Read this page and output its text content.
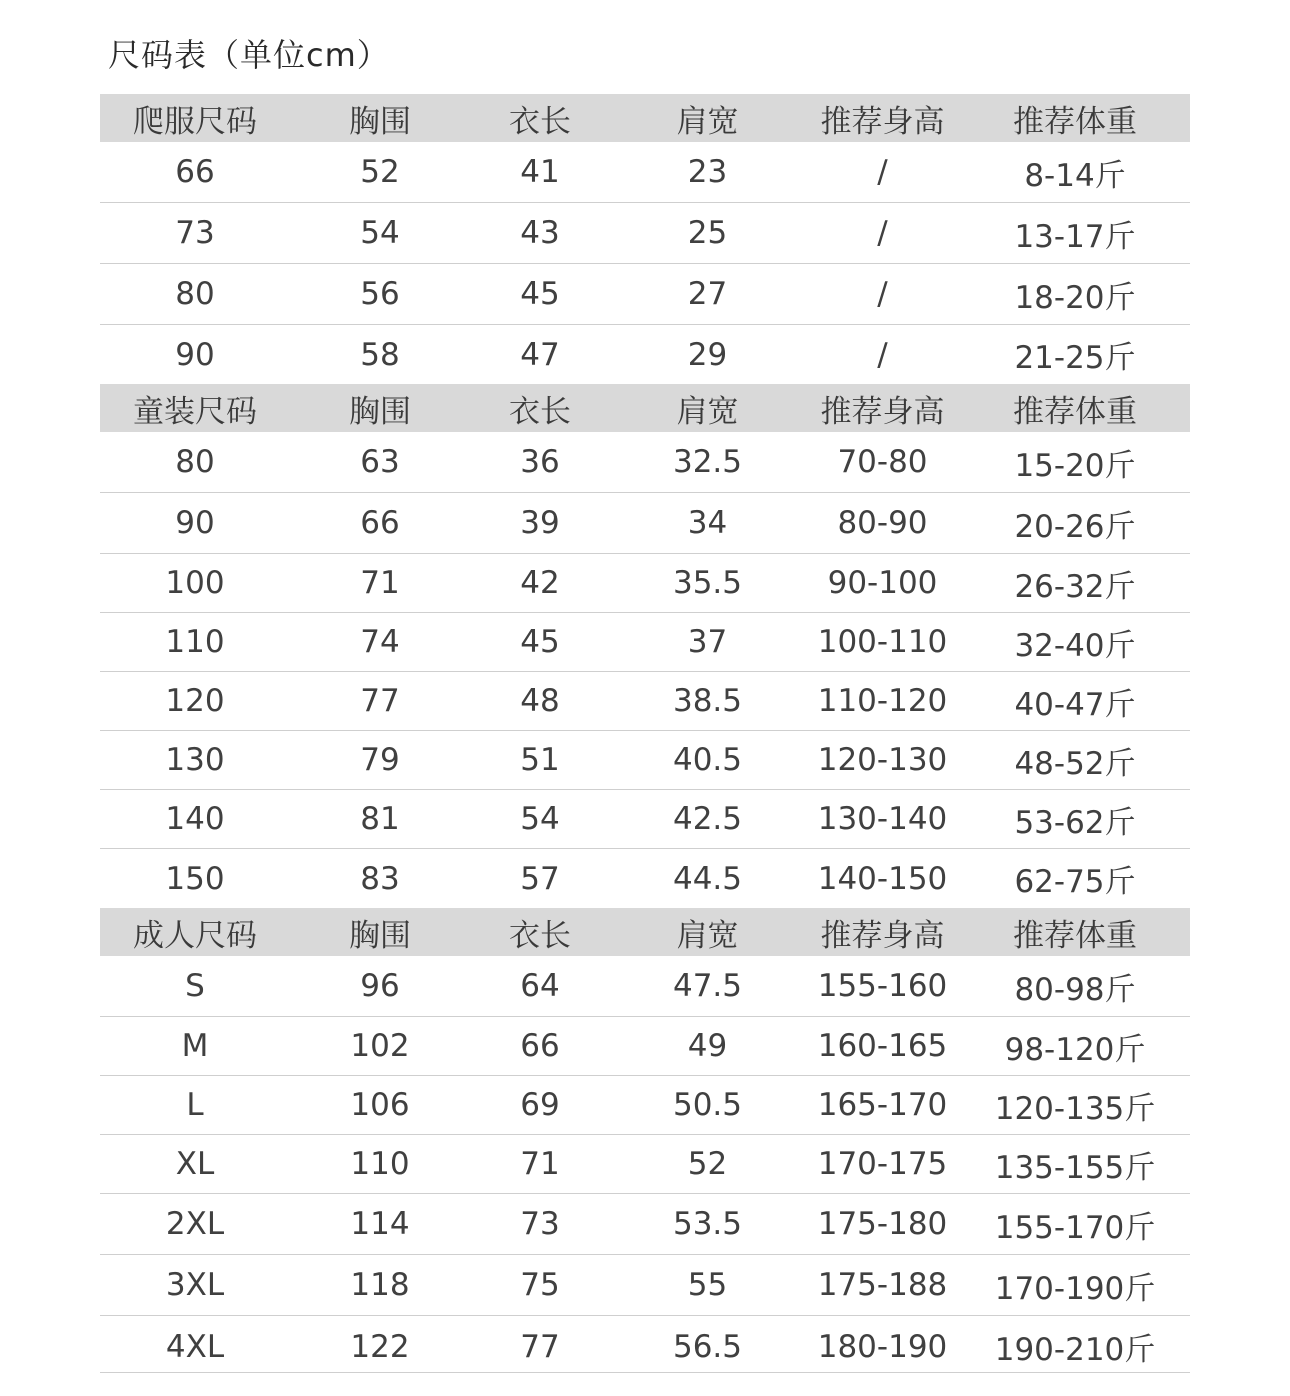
尺码表（单位cm）
爬服尺码	胸围	衣长	肩宽	推荐身高	推荐体重
66	52	41	23	/	8-14斤
73	54	43	25	/	13-17斤
80	56	45	27	/	18-20斤
90	58	47	29	/	21-25斤
童装尺码	胸围	衣长	肩宽	推荐身高	推荐体重
80	63	36	32.5	70-80	15-20斤
90	66	39	34	80-90	20-26斤
100	71	42	35.5	90-100	26-32斤
110	74	45	37	100-110	32-40斤
120	77	48	38.5	110-120	40-47斤
130	79	51	40.5	120-130	48-52斤
140	81	54	42.5	130-140	53-62斤
150	83	57	44.5	140-150	62-75斤
成人尺码	胸围	衣长	肩宽	推荐身高	推荐体重
S	96	64	47.5	155-160	80-98斤
M	102	66	49	160-165	98-120斤
L	106	69	50.5	165-170	120-135斤
XL	110	71	52	170-175	135-155斤
2XL	114	73	53.5	175-180	155-170斤
3XL	118	75	55	175-188	170-190斤
4XL	122	77	56.5	180-190	190-210斤
